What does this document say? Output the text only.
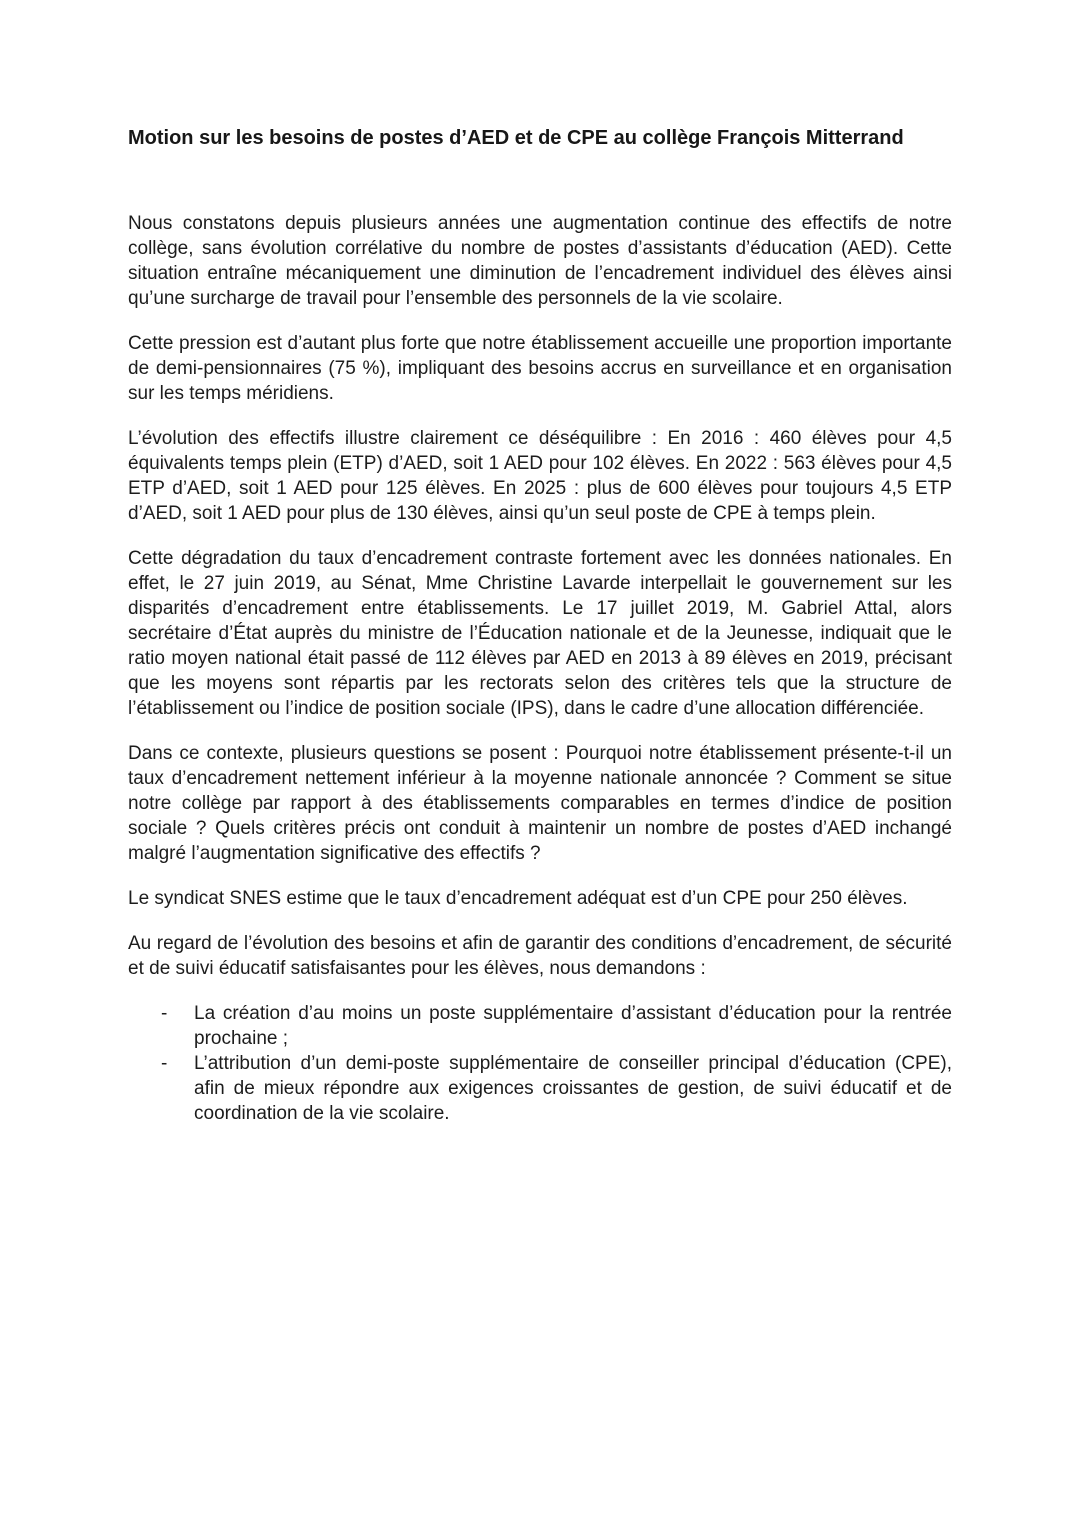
Motion sur les besoins de postes d’AED et de CPE au collège François Mitterrand

Nous constatons depuis plusieurs années une augmentation continue des effectifs de notre collège, sans évolution corrélative du nombre de postes d’assistants d’éducation (AED). Cette situation entraîne mécaniquement une diminution de l’encadrement individuel des élèves ainsi qu’une surcharge de travail pour l’ensemble des personnels de la vie scolaire.

Cette pression est d’autant plus forte que notre établissement accueille une proportion importante de demi-pensionnaires (75 %), impliquant des besoins accrus en surveillance et en organisation sur les temps méridiens.

L’évolution des effectifs illustre clairement ce déséquilibre : En 2016 : 460 élèves pour 4,5 équivalents temps plein (ETP) d’AED, soit 1 AED pour 102 élèves. En 2022 : 563 élèves pour 4,5 ETP d’AED, soit 1 AED pour 125 élèves. En 2025 : plus de 600 élèves pour toujours 4,5 ETP d’AED, soit 1 AED pour plus de 130 élèves, ainsi qu’un seul poste de CPE à temps plein.

Cette dégradation du taux d’encadrement contraste fortement avec les données nationales. En effet, le 27 juin 2019, au Sénat, Mme Christine Lavarde interpellait le gouvernement sur les disparités d’encadrement entre établissements. Le 17 juillet 2019, M. Gabriel Attal, alors secrétaire d’État auprès du ministre de l’Éducation nationale et de la Jeunesse, indiquait que le ratio moyen national était passé de 112 élèves par AED en 2013 à 89 élèves en 2019, précisant que les moyens sont répartis par les rectorats selon des critères tels que la structure de l’établissement ou l’indice de position sociale (IPS), dans le cadre d’une allocation différenciée.

Dans ce contexte, plusieurs questions se posent : Pourquoi notre établissement présente-t-il un taux d’encadrement nettement inférieur à la moyenne nationale annoncée ? Comment se situe notre collège par rapport à des établissements comparables en termes d’indice de position sociale ? Quels critères précis ont conduit à maintenir un nombre de postes d’AED inchangé malgré l’augmentation significative des effectifs ?

Le syndicat SNES estime que le taux d’encadrement adéquat est d’un CPE pour 250 élèves.

Au regard de l’évolution des besoins et afin de garantir des conditions d’encadrement, de sécurité et de suivi éducatif satisfaisantes pour les élèves, nous demandons :

- La création d’au moins un poste supplémentaire d’assistant d’éducation pour la rentrée prochaine ;
- L’attribution d’un demi-poste supplémentaire de conseiller principal d’éducation (CPE), afin de mieux répondre aux exigences croissantes de gestion, de suivi éducatif et de coordination de la vie scolaire.
